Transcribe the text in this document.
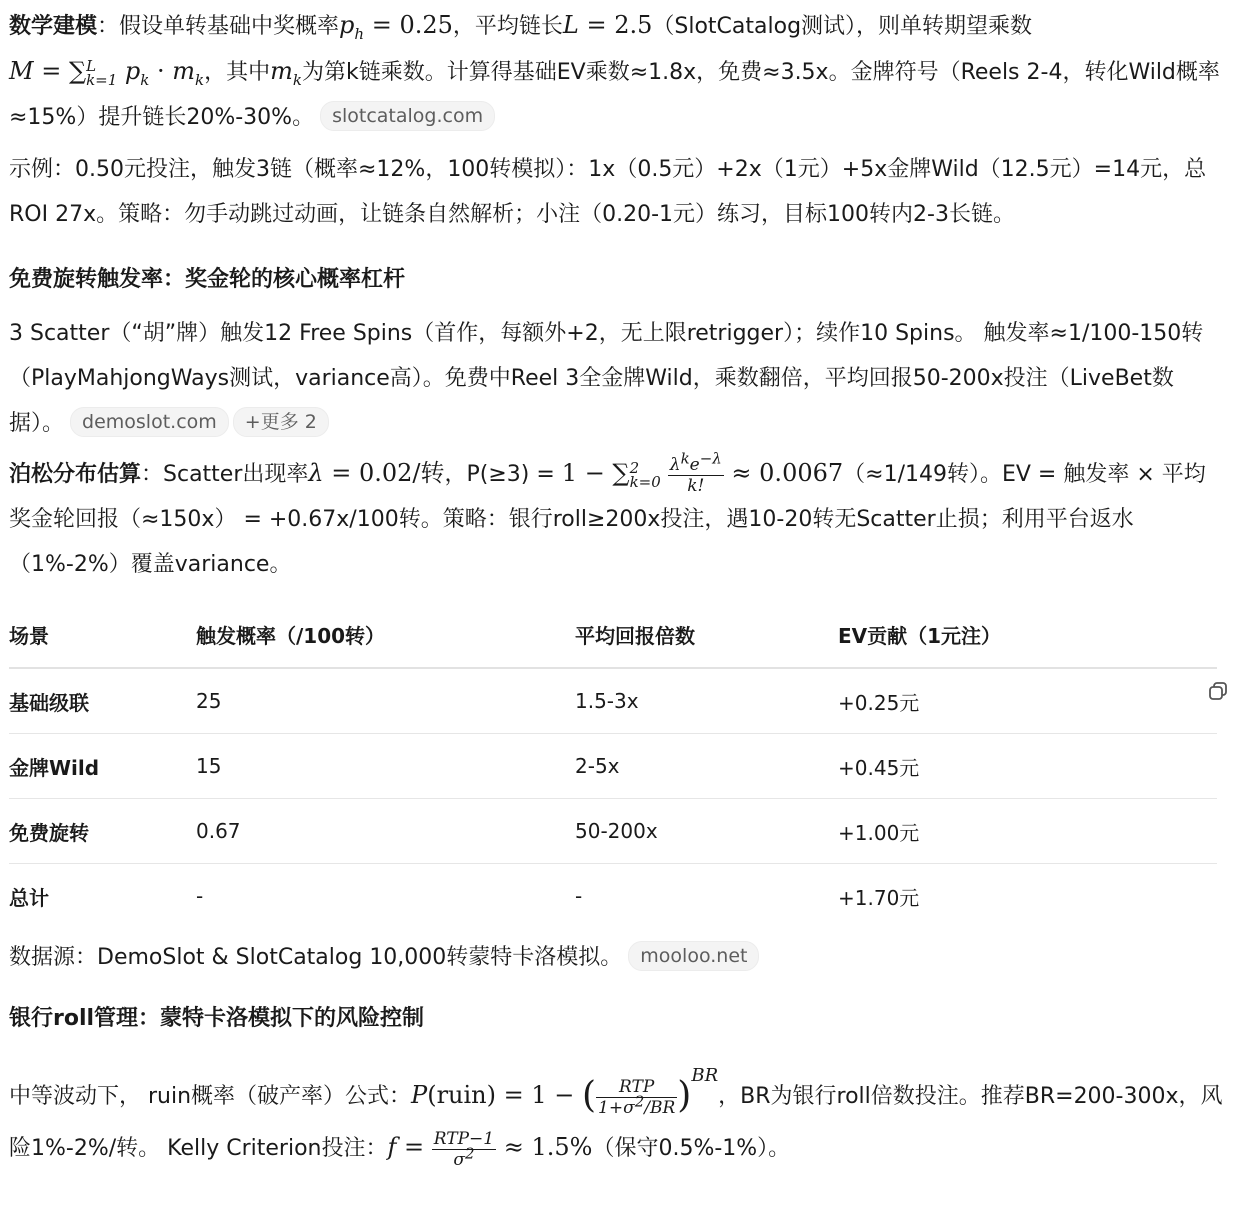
数学建模：假设单转基础中奖概率$p_h = 0.25$，平均链长L = 2.5（SlotCatalog测试），则单转期望乘数
M = ∑L
k=1 $p_k \cdot m_k$，其中$m_k$为第k链乘数。计算得基础EV乘数≈1.8x，免费≈3.5x。金牌符号（Reels 2-4，转化Wild概率≈15%）提升链长20%-30%。 slotcatalog.com

示例：0.50元投注，触发3链（概率≈12%，100转模拟）：1x（0.5元）+2x（1元）+5x金牌Wild（12.5元）=14元，总ROI 27x。策略：勿手动跳过动画，让链条自然解析；小注（0.20-1元）练习，目标100转内2-3长链。

免费旋转触发率：奖金轮的核心概率杠杆

3 Scatter（“胡”牌）触发12 Free Spins（首作，每额外+2，无上限retrigger）；续作10 Spins。 触发率≈1/100-150转（PlayMahjongWays测试，variance高）。免费中Reel 3全金牌Wild，乘数翻倍，平均回报50-200x投注（LiveBet数据）。 demoslot.com +更多 2

泊松分布估算：Scatter出现率λ = 0.02/转，P(≥3) = 1 − ∑2
$k=0 \frac{\lambda^ke^{-\lambda}}{k!} \approx 0.0067(\approx 1/149$转）。EV = 触发率 × 平均奖金轮回报（≈150x） = +0.67x/100转。策略：银行roll≥200x投注，遇10-20转无Scatter止损；利用平台返水（1%-2%）覆盖variance。

场景	触发概率（/100转）	平均回报倍数	EV贡献（1元注）
基础级联	25	1.5-3x	+0.25元
金牌Wild	15	2-5x	+0.45元
免费旋转	0.67	50-200x	+1.00元
总计	-	-	+1.70元

数据源：DemoSlot & SlotCatalog 10,000转蒙特卡洛模拟。 mooloo.net

银行roll管理：蒙特卡洛模拟下的风险控制

中等波动下， ruin概率（破产率）公式：P(ruin) = 1 − ( $\frac{\text{RTP}}{1+\sigma^2/BR} )^{BR}$，BR为银行roll倍数投注。推荐BR=200-300x，风险1%-2%/转。 Kelly Criterion投注：$f = \frac{\text{RTP−1}}{\sigma^2} \approx 1.5\%$（保守0.5%-1%）。
